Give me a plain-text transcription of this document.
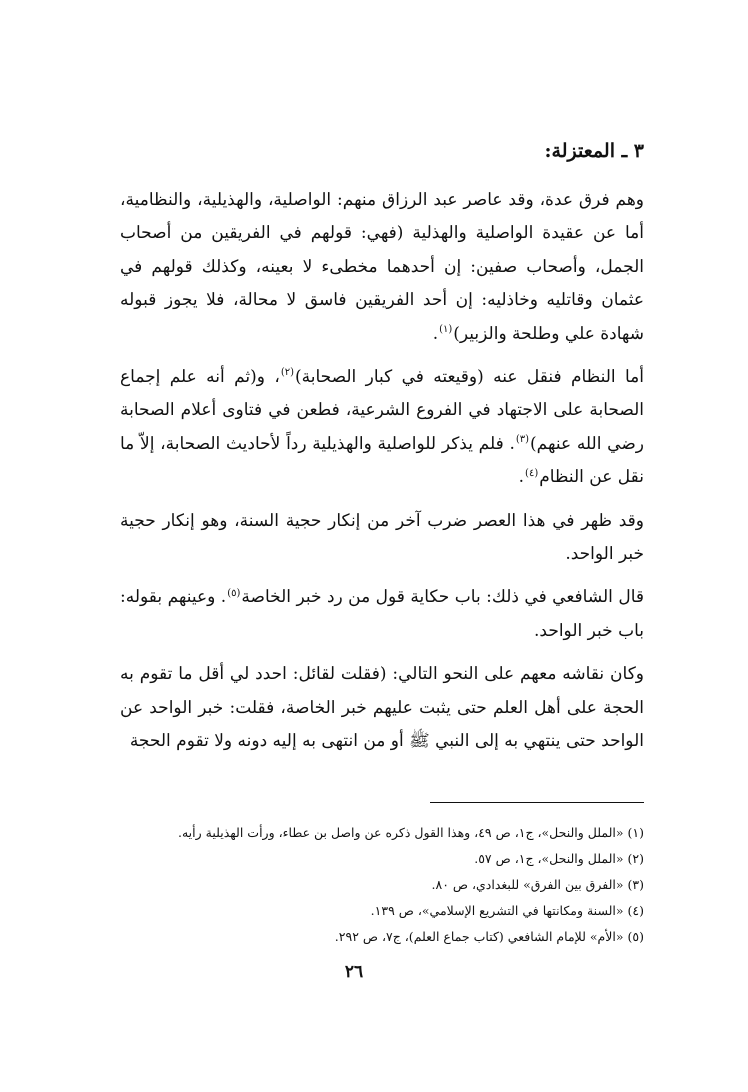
٣ ـ المعتزلة:

وهم فرق عدة، وقد عاصر عبد الرزاق منهم: الواصلية، والهذيلية، والنظامية، أما عن عقيدة الواصلية والهذلية (فهي: قولهم في الفريقين من أصحاب الجمل، وأصحاب صفين: إن أحدهما مخطىء لا بعينه، وكذلك قولهم في عثمان وقاتليه وخاذليه: إن أحد الفريقين فاسق لا محالة، فلا يجوز قبوله شهادة علي وطلحة والزبير)$^{(١)}$.

أما النظام فنقل عنه (وقيعته في كبار الصحابة)$^{(٢)}$، و(ثم أنه علم إجماع الصحابة على الاجتهاد في الفروع الشرعية، فطعن في فتاوى أعلام الصحابة رضي الله عنهم)$^{(٣)}$. فلم يذكر للواصلية والهذيلية رداً لأحاديث الصحابة، إلاّ ما نقل عن النظام$^{(٤)}$.

وقد ظهر في هذا العصر ضرب آخر من إنكار حجية السنة، وهو إنكار حجية خبر الواحد.

قال الشافعي في ذلك: باب حكاية قول من رد خبر الخاصة$^{(٥)}$. وعينهم بقوله: باب خبر الواحد.

وكان نقاشه معهم على النحو التالي: (فقلت لقائل: احدد لي أقل ما تقوم به الحجة على أهل العلم حتى يثبت عليهم خبر الخاصة، فقلت: خبر الواحد عن الواحد حتى ينتهي به إلى النبي ﷺ أو من انتهى به إليه دونه ولا تقوم الحجة

(١) «الملل والنحل»، ج١، ص ٤٩، وهذا القول ذكره عن واصل بن عطاء، ورأت الهذيلية رأيه.
(٢) «الملل والنحل»، ج١، ص ٥٧.
(٣) «الفرق بين الفرق» للبغدادي، ص ٨٠.
(٤) «السنة ومكانتها في التشريع الإسلامي»، ص ١٣٩.
(٥) «الأم» للإمام الشافعي (كتاب جماع العلم)، ج٧، ص ٢٩٢.
٢٦
